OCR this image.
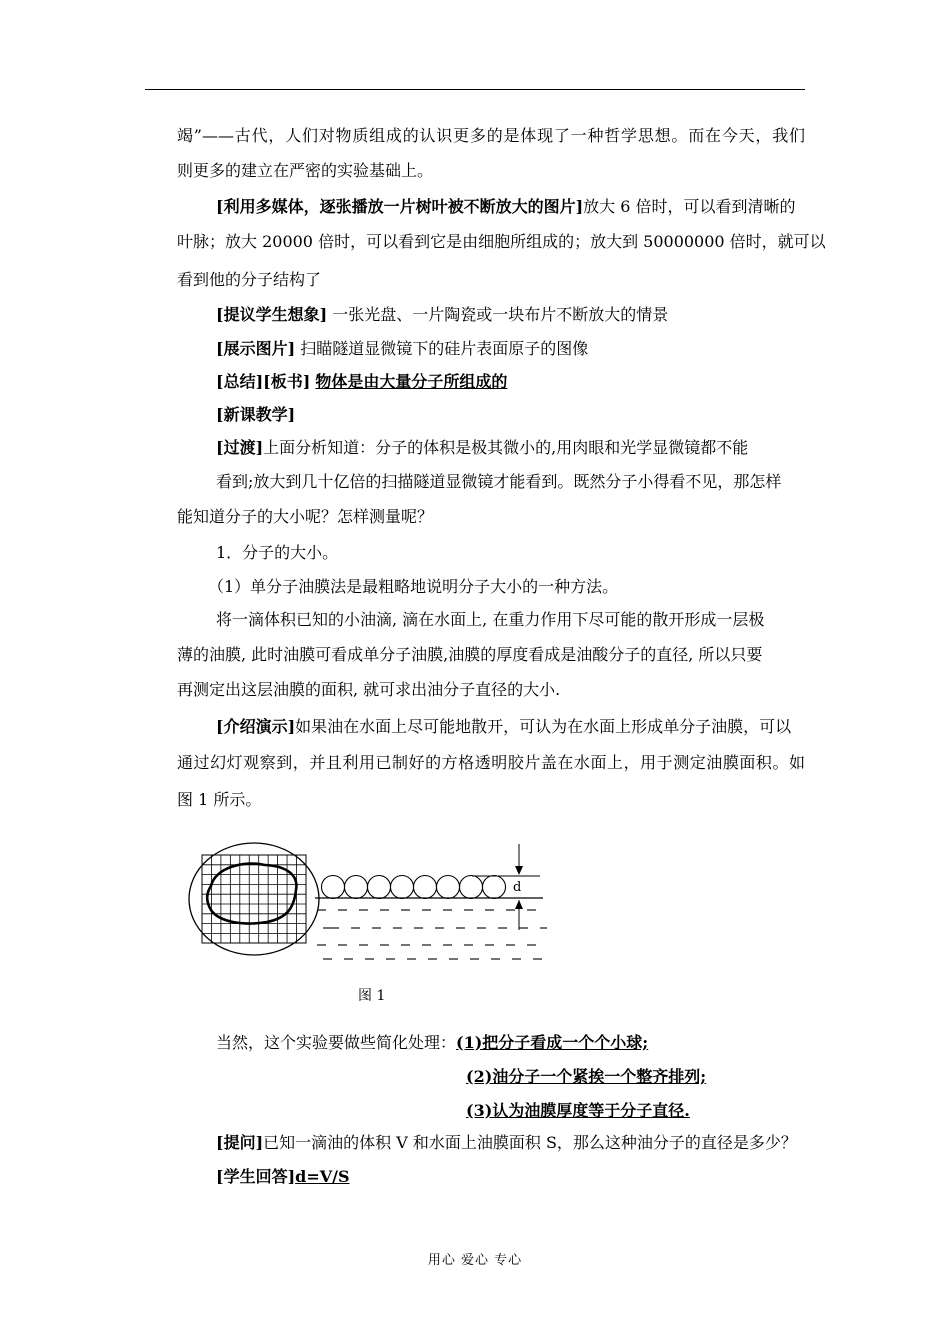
竭”——古代，人们对物质组成的认识更多的是体现了一种哲学思想。而在今天，我们
则更多的建立在严密的实验基础上。
[利用多媒体，逐张播放一片树叶被不断放大的图片]放大 6 倍时，可以看到清晰的
叶脉；放大 20000 倍时，可以看到它是由细胞所组成的；放大到 50000000 倍时，就可以
看到他的分子结构了
[提议学生想象] 一张光盘、一片陶瓷或一块布片不断放大的情景
[展示图片] 扫瞄隧道显微镜下的硅片表面原子的图像
[总结][板书] 物体是由大量分子所组成的
[新课教学]
[过渡]上面分析知道：分子的体积是极其微小的,用肉眼和光学显微镜都不能
看到;放大到几十亿倍的扫描隧道显微镜才能看到。既然分子小得看不见，那怎样
能知道分子的大小呢？怎样测量呢？
1．分子的大小。
（1）单分子油膜法是最粗略地说明分子大小的一种方法。
将一滴体积已知的小油滴, 滴在水面上, 在重力作用下尽可能的散开形成一层极
薄的油膜, 此时油膜可看成单分子油膜,油膜的厚度看成是油酸分子的直径, 所以只要
再测定出这层油膜的面积, 就可求出油分子直径的大小.
[介绍演示]如果油在水面上尽可能地散开，可认为在水面上形成单分子油膜，可以
通过幻灯观察到，并且利用已制好的方格透明胶片盖在水面上，用于测定油膜面积。如
图 1 所示。
d
图 1
当然，这个实验要做些简化处理：(1)把分子看成一个个小球;
(2)油分子一个紧挨一个整齐排列;
(3)认为油膜厚度等于分子直径.
[提问]已知一滴油的体积 V 和水面上油膜面积 S，那么这种油分子的直径是多少？
[学生回答]d=V/S
用心 爱心 专心
